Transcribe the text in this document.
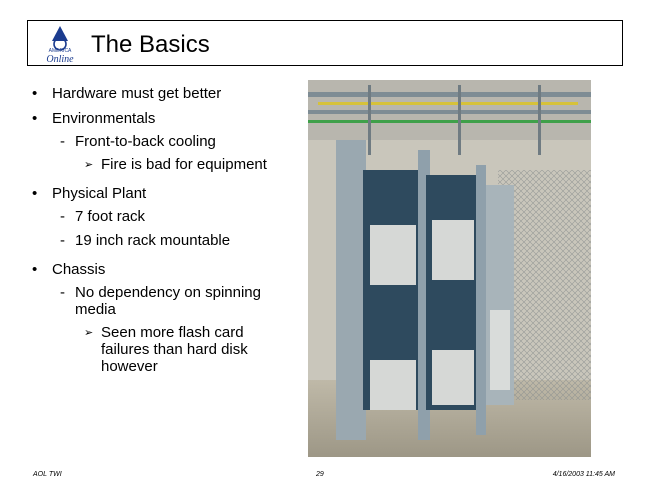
AMERICA
Online
The Basics
• Hardware must get better
• Environmentals
- Front-to-back cooling
➢ Fire is bad for equipment
• Physical Plant
- 7 foot rack
- 19 inch rack mountable
• Chassis
- No dependency on spinning media
➢ Seen more flash card failures than hard disk however
AOL TWI	29	4/16/2003 11:45 AM
